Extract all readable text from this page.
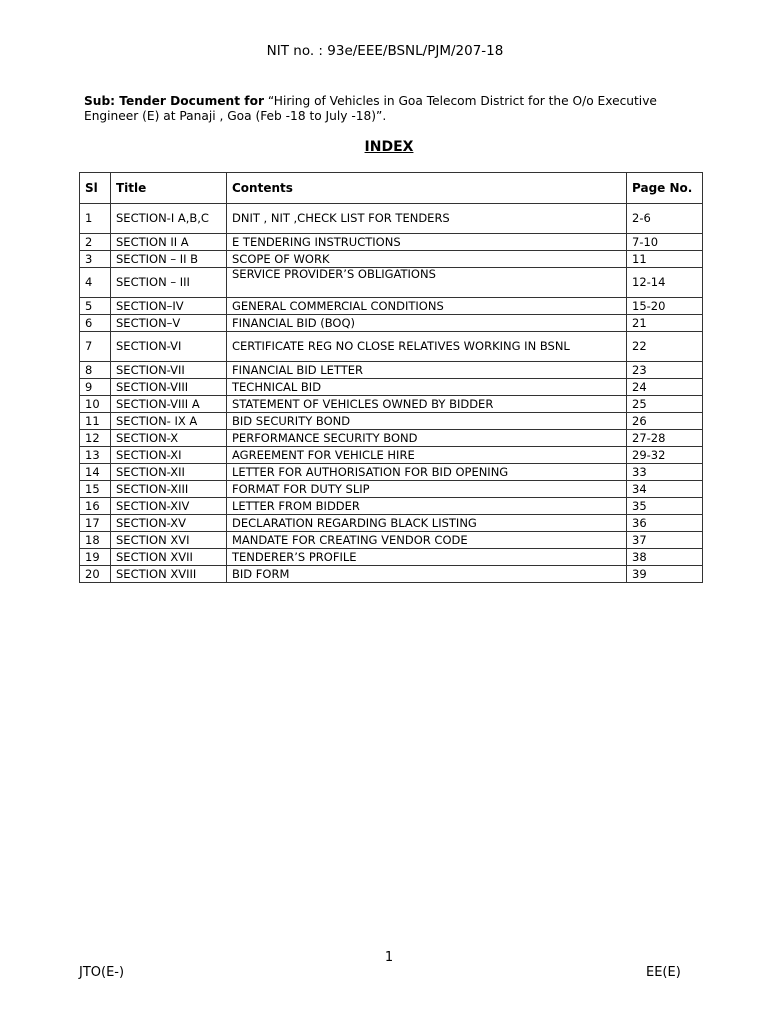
NIT no. : 93e/EEE/BSNL/PJM/207-18
Sub: Tender Document for “Hiring of Vehicles in Goa Telecom District for the O/o Executive Engineer (E) at Panaji , Goa (Feb -18 to July -18)”.
INDEX
Sl	Title	Contents	Page No.
1	SECTION-I A,B,C	DNIT , NIT ,CHECK LIST FOR TENDERS	2-6
2	SECTION II A	E TENDERING INSTRUCTIONS	7-10
3	SECTION – II B	SCOPE OF WORK	11
4	SECTION – III	SERVICE PROVIDER’S OBLIGATIONS	12-14
5	SECTION–IV	GENERAL COMMERCIAL CONDITIONS	15-20
6	SECTION–V	FINANCIAL BID (BOQ)	21
7	SECTION-VI	CERTIFICATE REG NO CLOSE RELATIVES WORKING IN BSNL	22
8	SECTION-VII	FINANCIAL BID LETTER	23
9	SECTION-VIII	TECHNICAL BID	24
10	SECTION-VIII A	STATEMENT OF VEHICLES OWNED BY BIDDER	25
11	SECTION- IX A	BID SECURITY BOND	26
12	SECTION-X	PERFORMANCE SECURITY BOND	27-28
13	SECTION-XI	AGREEMENT FOR VEHICLE HIRE	29-32
14	SECTION-XII	LETTER FOR AUTHORISATION FOR BID OPENING	33
15	SECTION-XIII	FORMAT FOR DUTY SLIP	34
16	SECTION-XIV	LETTER FROM BIDDER	35
17	SECTION-XV	DECLARATION REGARDING BLACK LISTING	36
18	SECTION XVI	MANDATE FOR CREATING VENDOR CODE	37
19	SECTION XVII	TENDERER’S PROFILE	38
20	SECTION XVIII	BID FORM	39
1
JTO(E-)	EE(E)
